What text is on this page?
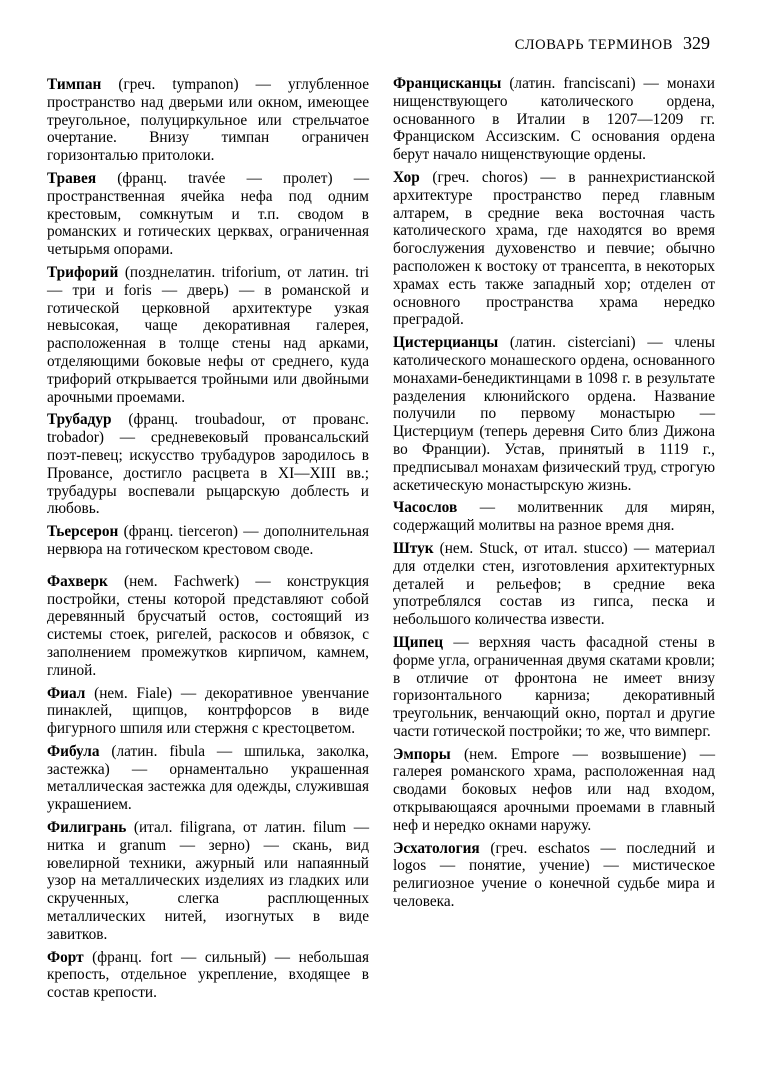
СЛОВАРЬ ТЕРМИНОВ 329

Тимпан (греч. tympanon) — углубленное пространство над дверьми или окном, имеющее треугольное, полуциркульное или стрельчатое очертание. Внизу тимпан ограничен горизонталью притолоки.

Травея (франц. travée — пролет) — пространственная ячейка нефа под одним крестовым, сомкнутым и т.п. сводом в романских и готических церквах, ограниченная четырьмя опорами.

Трифорий (позднелатин. triforium, от латин. tri — три и foris — дверь) — в романской и готической церковной архитектуре узкая невысокая, чаще декоративная галерея, расположенная в толще стены над арками, отделяющими боковые нефы от среднего, куда трифорий открывается тройными или двойными арочными проемами.

Трубадур (франц. troubadour, от прованс. trobador) — средневековый провансальский поэт-певец; искусство трубадуров зародилось в Провансе, достигло расцвета в XI—XIII вв.; трубадуры воспевали рыцарскую доблесть и любовь.

Тьерсерон (франц. tierceron) — дополнительная нервюра на готическом крестовом своде.

Фахверк (нем. Fachwerk) — конструкция постройки, стены которой представляют собой деревянный брусчатый остов, состоящий из системы стоек, ригелей, раскосов и обвязок, с заполнением промежутков кирпичом, камнем, глиной.

Фиал (нем. Fiale) — декоративное увенчание пинаклей, щипцов, контрфорсов в виде фигурного шпиля или стержня с крестоцветом.

Фибула (латин. fibula — шпилька, заколка, застежка) — орнаментально украшенная металлическая застежка для одежды, служившая украшением.

Филигрань (итал. filigrana, от латин. filum — нитка и granum — зерно) — скань, вид ювелирной техники, ажурный или напаянный узор на металлических изделиях из гладких или скрученных, слегка расплющенных металлических нитей, изогнутых в виде завитков.

Форт (франц. fort — сильный) — небольшая крепость, отдельное укрепление, входящее в состав крепости.

Францисканцы (латин. franciscani) — монахи нищенствующего католического ордена, основанного в Италии в 1207—1209 гг. Франциском Ассизским. С основания ордена берут начало нищенствующие ордены.

Хор (греч. choros) — в раннехристианской архитектуре пространство перед главным алтарем, в средние века восточная часть католического храма, где находятся во время богослужения духовенство и певчие; обычно расположен к востоку от трансепта, в некоторых храмах есть также западный хор; отделен от основного пространства храма нередко преградой.

Цистерцианцы (латин. cisterciani) — члены католического монашеского ордена, основанного монахами-бенедиктинцами в 1098 г. в результате разделения клюнийского ордена. Название получили по первому монастырю — Цистерциум (теперь деревня Сито близ Дижона во Франции). Устав, принятый в 1119 г., предписывал монахам физический труд, строгую аскетическую монастырскую жизнь.

Часослов — молитвенник для мирян, содержащий молитвы на разное время дня.

Штук (нем. Stuck, от итал. stucco) — материал для отделки стен, изготовления архитектурных деталей и рельефов; в средние века употреблялся состав из гипса, песка и небольшого количества извести.

Щипец — верхняя часть фасадной стены в форме угла, ограниченная двумя скатами кровли; в отличие от фронтона не имеет внизу горизонтального карниза; декоративный треугольник, венчающий окно, портал и другие части готической постройки; то же, что вимперг.

Эмпоры (нем. Empore — возвышение) — галерея романского храма, расположенная над сводами боковых нефов или над входом, открывающаяся арочными проемами в главный неф и нередко окнами наружу.

Эсхатология (греч. eschatos — последний и logos — понятие, учение) — мистическое религиозное учение о конечной судьбе мира и человека.
